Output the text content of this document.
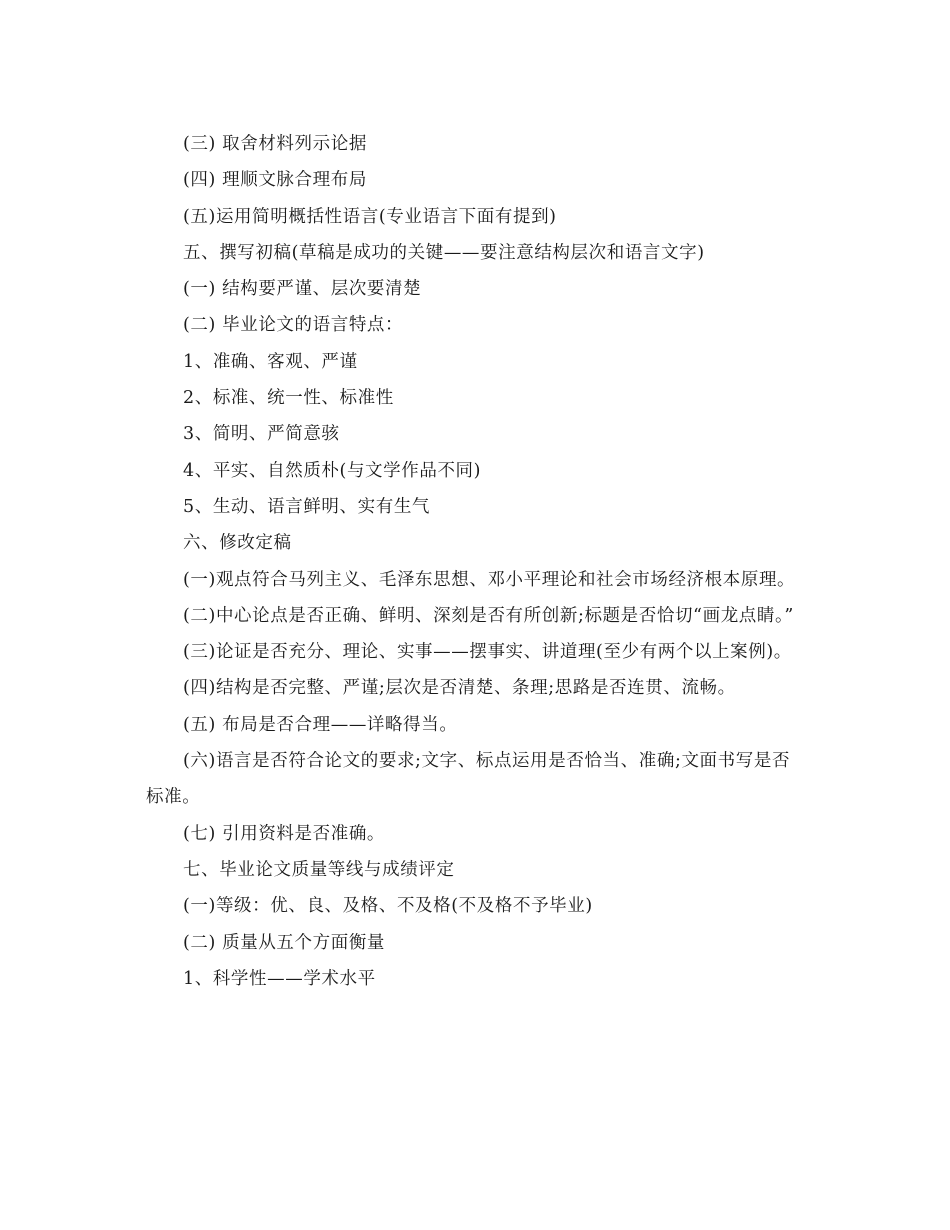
(三) 取舍材料列示论据

(四) 理顺文脉合理布局

(五)运用简明概括性语言(专业语言下面有提到)

五、撰写初稿(草稿是成功的关键——要注意结构层次和语言文字)

(一) 结构要严谨、层次要清楚

(二) 毕业论文的语言特点：

1、准确、客观、严谨

2、标准、统一性、标准性

3、简明、严简意骇

4、平实、自然质朴(与文学作品不同)

5、生动、语言鲜明、实有生气

六、修改定稿

(一)观点符合马列主义、毛泽东思想、邓小平理论和社会市场经济根本原理。

(二)中心论点是否正确、鲜明、深刻是否有所创新;标题是否恰切“画龙点睛。”

(三)论证是否充分、理论、实事——摆事实、讲道理(至少有两个以上案例)。

(四)结构是否完整、严谨;层次是否清楚、条理;思路是否连贯、流畅。

(五) 布局是否合理——详略得当。

(六)语言是否符合论文的要求;文字、标点运用是否恰当、准确;文面书写是否标准。

(七) 引用资料是否准确。

七、毕业论文质量等线与成绩评定

(一)等级：优、良、及格、不及格(不及格不予毕业)

(二) 质量从五个方面衡量

1、科学性——学术水平
